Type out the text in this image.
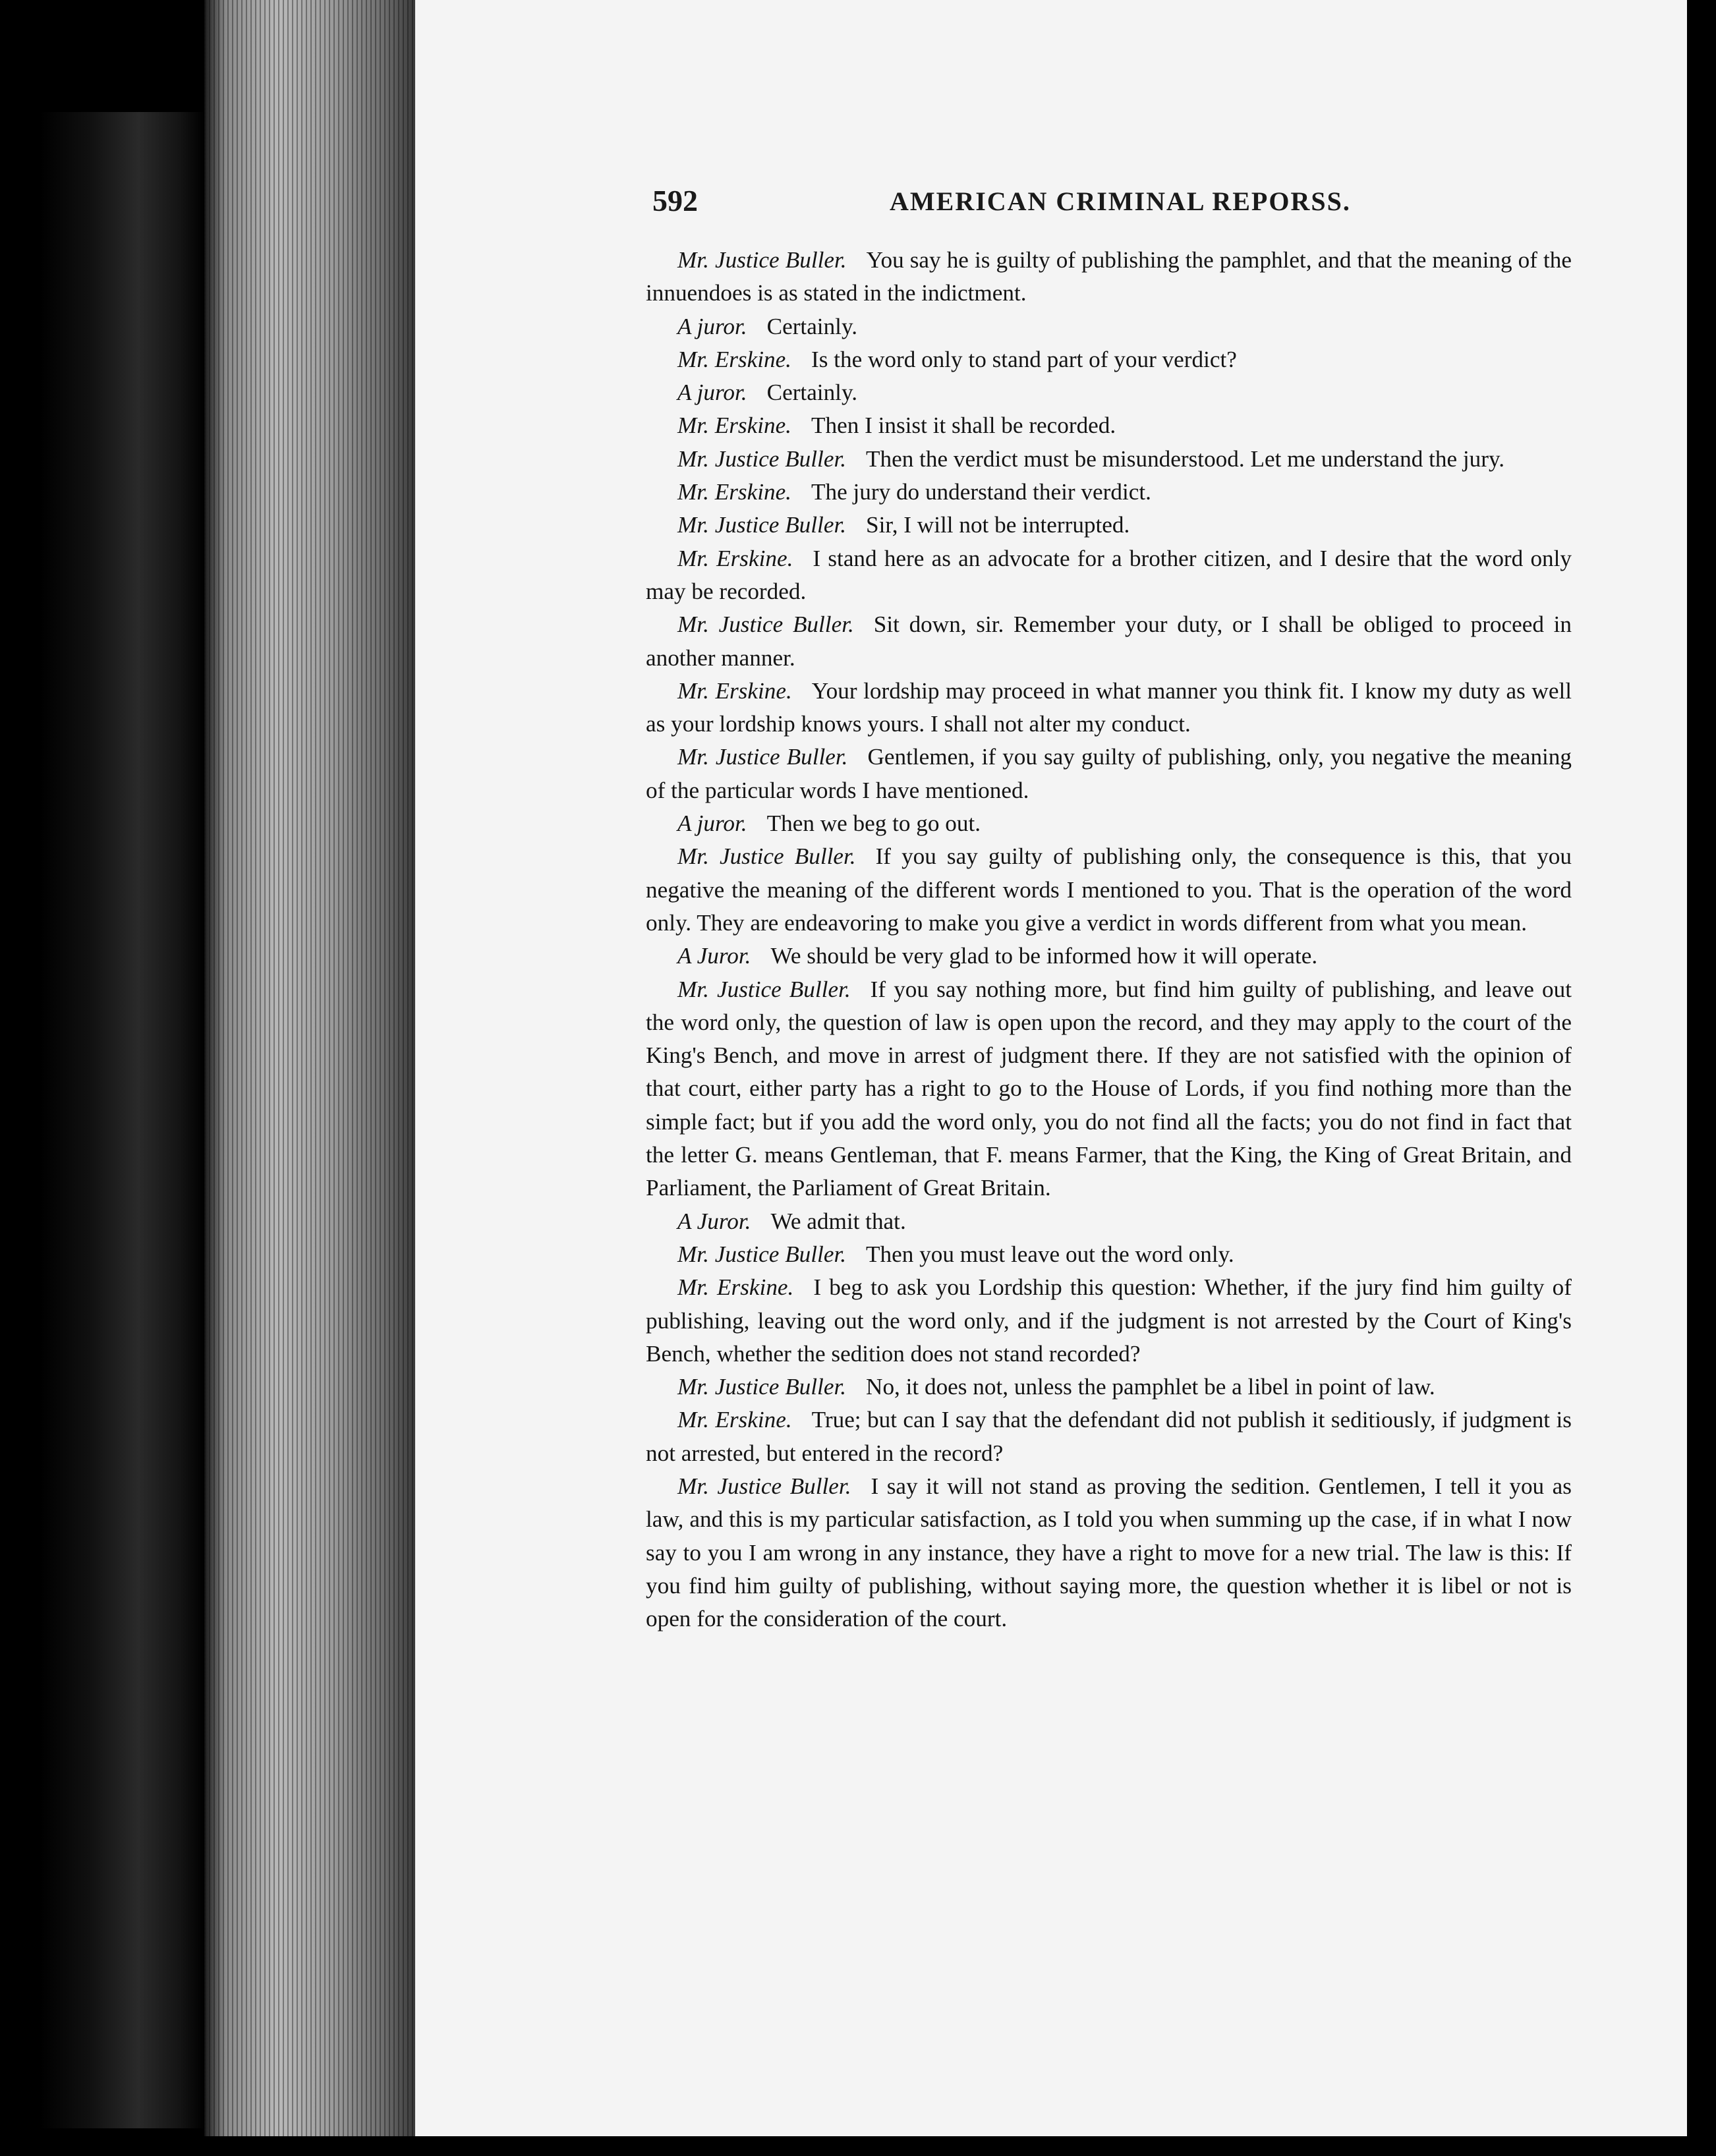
592	AMERICAN CRIMINAL REPORSS.

Mr. Justice Buller. You say he is guilty of publishing the pamphlet, and that the meaning of the innuendoes is as stated in the indictment.

A juror. Certainly.

Mr. Erskine. Is the word only to stand part of your verdict?

A juror. Certainly.

Mr. Erskine. Then I insist it shall be recorded.

Mr. Justice Buller. Then the verdict must be misunderstood. Let me understand the jury.

Mr. Erskine. The jury do understand their verdict.

Mr. Justice Buller. Sir, I will not be interrupted.

Mr. Erskine. I stand here as an advocate for a brother citizen, and I desire that the word only may be recorded.

Mr. Justice Buller. Sit down, sir. Remember your duty, or I shall be obliged to proceed in another manner.

Mr. Erskine. Your lordship may proceed in what manner you think fit. I know my duty as well as your lordship knows yours. I shall not alter my conduct.

Mr. Justice Buller. Gentlemen, if you say guilty of publishing, only, you negative the meaning of the particular words I have mentioned.

A juror. Then we beg to go out.

Mr. Justice Buller. If you say guilty of publishing only, the consequence is this, that you negative the meaning of the different words I mentioned to you. That is the operation of the word only. They are endeavoring to make you give a verdict in words different from what you mean.

A Juror. We should be very glad to be informed how it will operate.

Mr. Justice Buller. If you say nothing more, but find him guilty of publishing, and leave out the word only, the question of law is open upon the record, and they may apply to the court of the King's Bench, and move in arrest of judgment there. If they are not satisfied with the opinion of that court, either party has a right to go to the House of Lords, if you find nothing more than the simple fact; but if you add the word only, you do not find all the facts; you do not find in fact that the letter G. means Gentleman, that F. means Farmer, that the King, the King of Great Britain, and Parliament, the Parliament of Great Britain.

A Juror. We admit that.

Mr. Justice Buller. Then you must leave out the word only.

Mr. Erskine. I beg to ask you Lordship this question: Whether, if the jury find him guilty of publishing, leaving out the word only, and if the judgment is not arrested by the Court of King's Bench, whether the sedition does not stand recorded?

Mr. Justice Buller. No, it does not, unless the pamphlet be a libel in point of law.

Mr. Erskine. True; but can I say that the defendant did not publish it seditiously, if judgment is not arrested, but entered in the record?

Mr. Justice Buller. I say it will not stand as proving the sedition. Gentlemen, I tell it you as law, and this is my particular satisfaction, as I told you when summing up the case, if in what I now say to you I am wrong in any instance, they have a right to move for a new trial. The law is this: If you find him guilty of publishing, without saying more, the question whether it is libel or not is open for the consideration of the court.
